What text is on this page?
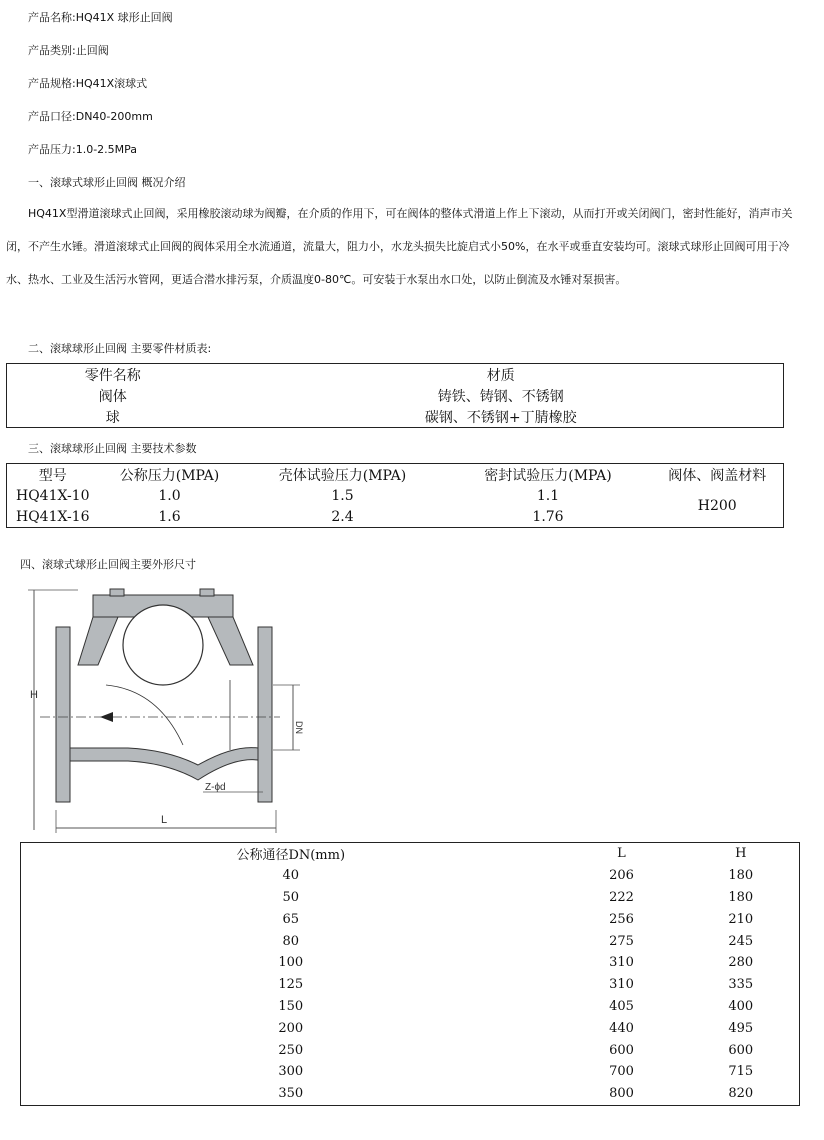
产品名称:HQ41X 球形止回阀
产品类别:止回阀
产品规格:HQ41X滚球式
产品口径:DN40-200mm
产品压力:1.0-2.5MPa
一、滚球式球形止回阀 概况介绍
HQ41X型滑道滚球式止回阀，采用橡胶滚动球为阀瓣，在介质的作用下，可在阀体的整体式滑道上作上下滚动，从而打开或关闭阀门，密封性能好，消声市关闭，不产生水锤。滑道滚球式止回阀的阀体采用全水流通道，流量大，阻力小，水龙头损失比旋启式小50%，在水平或垂直安装均可。滚球式球形止回阀可用于冷水、热水、工业及生活污水管网，更适合潜水排污泵，介质温度0-80℃。可安装于水泵出水口处，以防止倒流及水锤对泵损害。
二、滚球球形止回阀 主要零件材质表:
零件名称	材质
阀体	铸铁、铸钢、不锈钢
球	碳钢、不锈钢+丁腈橡胶
三、滚球球形止回阀 主要技术参数
型号	公称压力(MPA)	壳体试验压力(MPA)	密封试验压力(MPA)	阀体、阀盖材料
HQ41X-10	1.0	1.5	1.1	H200
HQ41X-16	1.6	2.4	1.76	
四、滚球式球形止回阀主要外形尺寸
H
L
DN
Z-ϕd
公称通径DN(mm)	L	H
40	206	180
50	222	180
65	256	210
80	275	245
100	310	280
125	310	335
150	405	400
200	440	495
250	600	600
300	700	715
350	800	820
